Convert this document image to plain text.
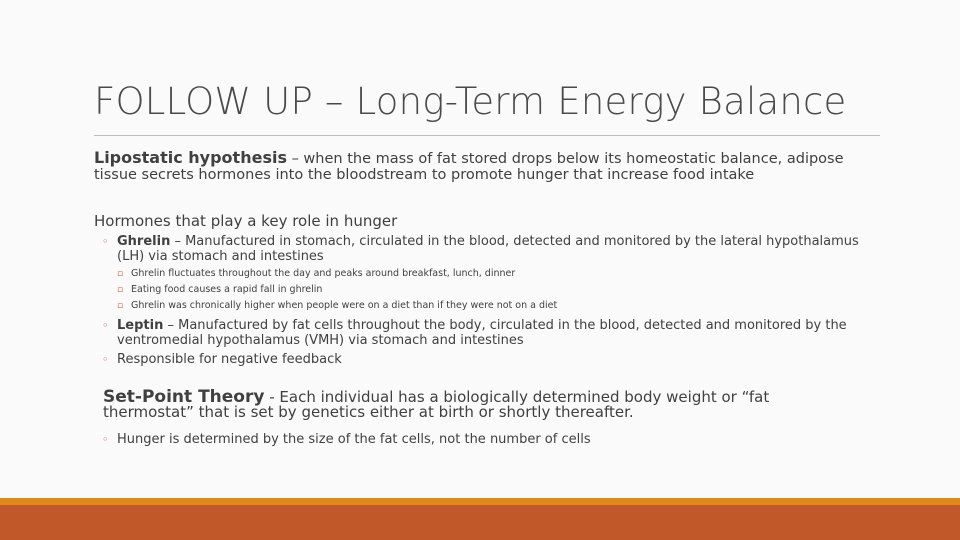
FOLLOW UP – Long-Term Energy Balance
Lipostatic hypothesis – when the mass of fat stored drops below its homeostatic balance, adipose tissue secrets hormones into the bloodstream to promote hunger that increase food intake
Hormones that play a key role in hunger
◦ Ghrelin – Manufactured in stomach, circulated in the blood, detected and monitored by the lateral hypothalamus (LH) via stomach and intestines
▫ Ghrelin fluctuates throughout the day and peaks around breakfast, lunch, dinner
▫ Eating food causes a rapid fall in ghrelin
▫ Ghrelin was chronically higher when people were on a diet than if they were not on a diet
◦ Leptin – Manufactured by fat cells throughout the body, circulated in the blood, detected and monitored by the ventromedial hypothalamus (VMH) via stomach and intestines
◦ Responsible for negative feedback
Set-Point Theory - Each individual has a biologically determined body weight or “fat thermostat” that is set by genetics either at birth or shortly thereafter.
◦ Hunger is determined by the size of the fat cells, not the number of cells
